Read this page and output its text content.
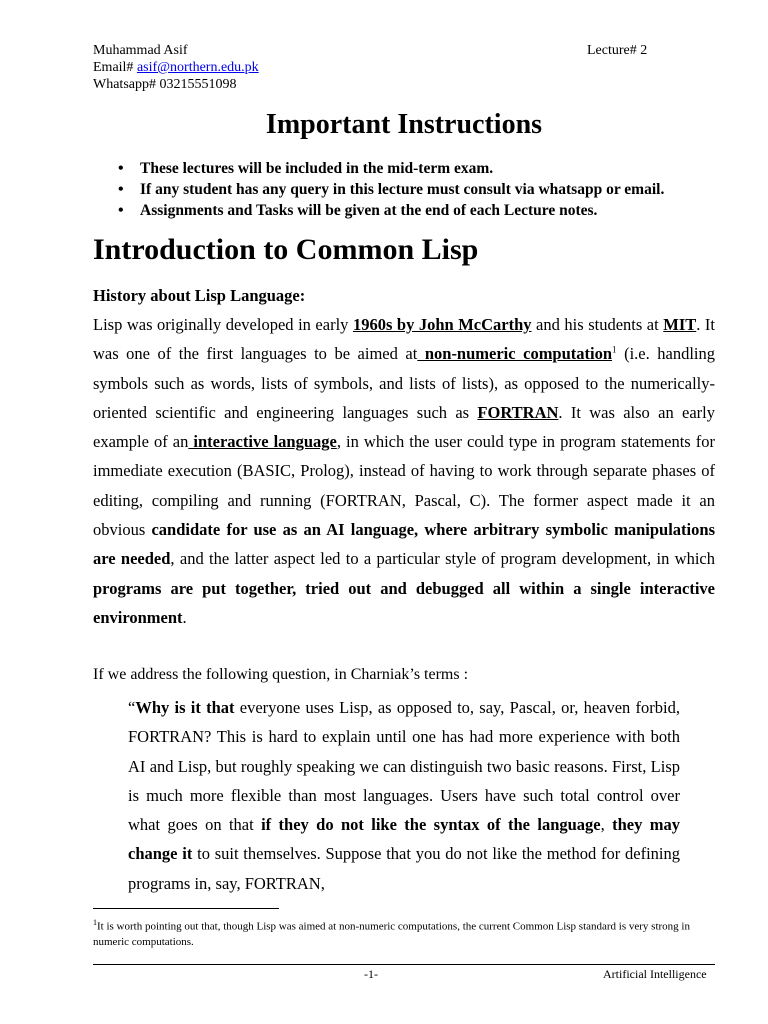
Muhammad Asif	Lecture# 2
Email# asif@northern.edu.pk
Whatsapp# 03215551098
Important Instructions
• These lectures will be included in the mid-term exam.
• If any student has any query in this lecture must consult via whatsapp or email.
• Assignments and Tasks will be given at the end of each Lecture notes.
Introduction to Common Lisp
History about Lisp Language:

Lisp was originally developed in early 1960s by John McCarthy and his students at MIT. It was one of the first languages to be aimed at non-numeric computation$^1$ (i.e. handling symbols such as words, lists of symbols, and lists of lists), as opposed to the numerically-oriented scientific and engineering languages such as FORTRAN. It was also an early example of an interactive language, in which the user could type in program statements for immediate execution (BASIC, Prolog), instead of having to work through separate phases of editing, compiling and running (FORTRAN, Pascal, C). The former aspect made it an obvious candidate for use as an AI language, where arbitrary symbolic manipulations are needed, and the latter aspect led to a particular style of program development, in which programs are put together, tried out and debugged all within a single interactive environment.

If we address the following question, in Charniak’s terms :

“Why is it that everyone uses Lisp, as opposed to, say, Pascal, or, heaven forbid, FORTRAN? This is hard to explain until one has had more experience with both AI and Lisp, but roughly speaking we can distinguish two basic reasons. First, Lisp is much more flexible than most languages. Users have such total control over what goes on that if they do not like the syntax of the language, they may change it to suit themselves. Suppose that you do not like the method for defining programs in, say, FORTRAN,

$^1$It is worth pointing out that, though Lisp was aimed at non-numeric computations, the current Common Lisp standard is very strong in numeric computations.

-1-	Artificial Intelligence
